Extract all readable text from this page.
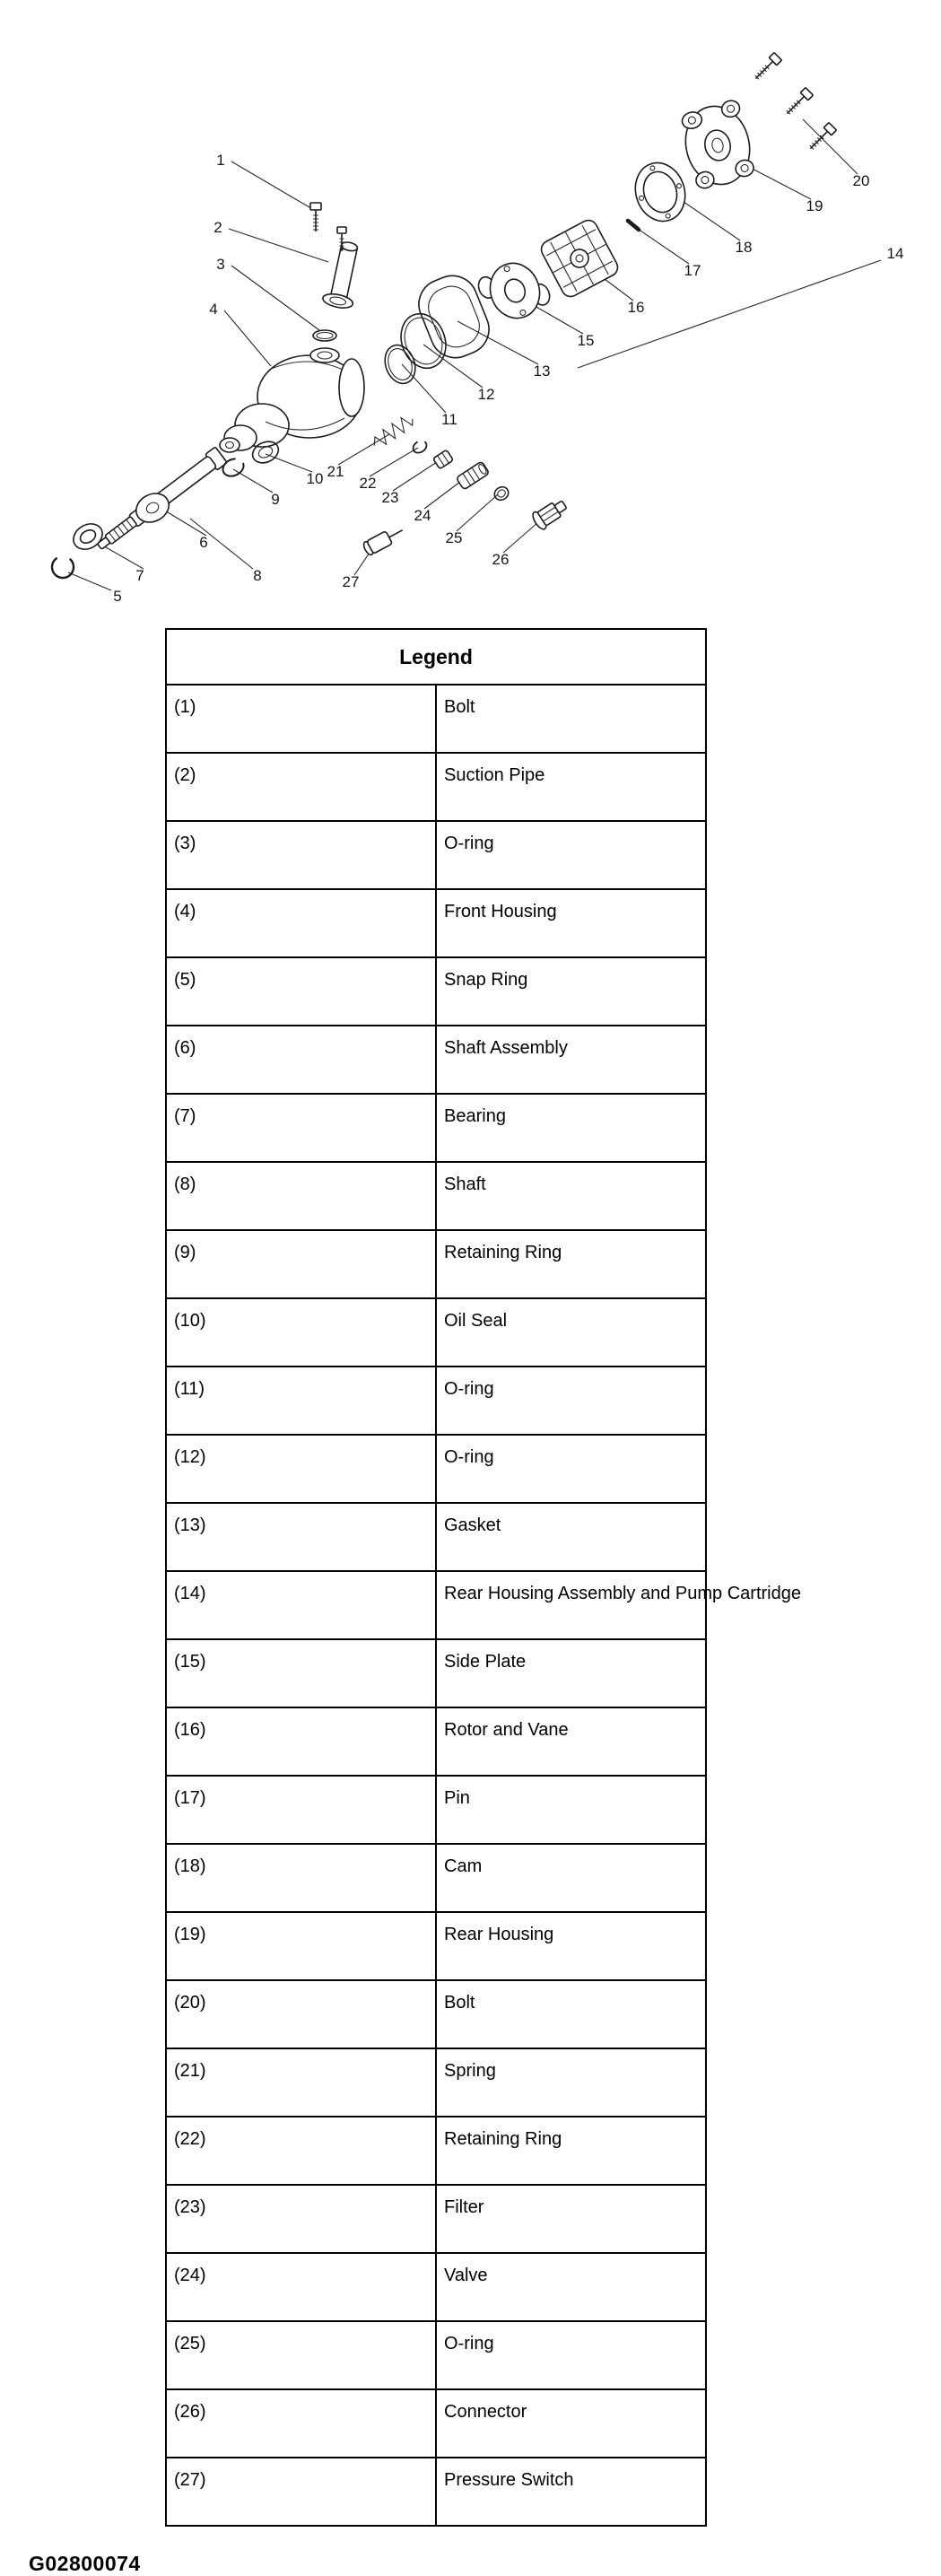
1
2
3
4
5
6
7	8
9
10
11
12
13
14
15
16
17
18
19
20
21
22
23
24
25
26
27
Legend	
(1)	Bolt
(2)	Suction Pipe
(3)	O-ring
(4)	Front Housing
(5)	Snap Ring
(6)	Shaft Assembly
(7)	Bearing
(8)	Shaft
(9)	Retaining Ring
(10)	Oil Seal
(11)	O-ring
(12)	O-ring
(13)	Gasket
(14)	Rear Housing Assembly and Pump Cartridge
(15)	Side Plate
(16)	Rotor and Vane
(17)	Pin
(18)	Cam
(19)	Rear Housing
(20)	Bolt
(21)	Spring
(22)	Retaining Ring
(23)	Filter
(24)	Valve
(25)	O-ring
(26)	Connector
(27)	Pressure Switch
G02800074
